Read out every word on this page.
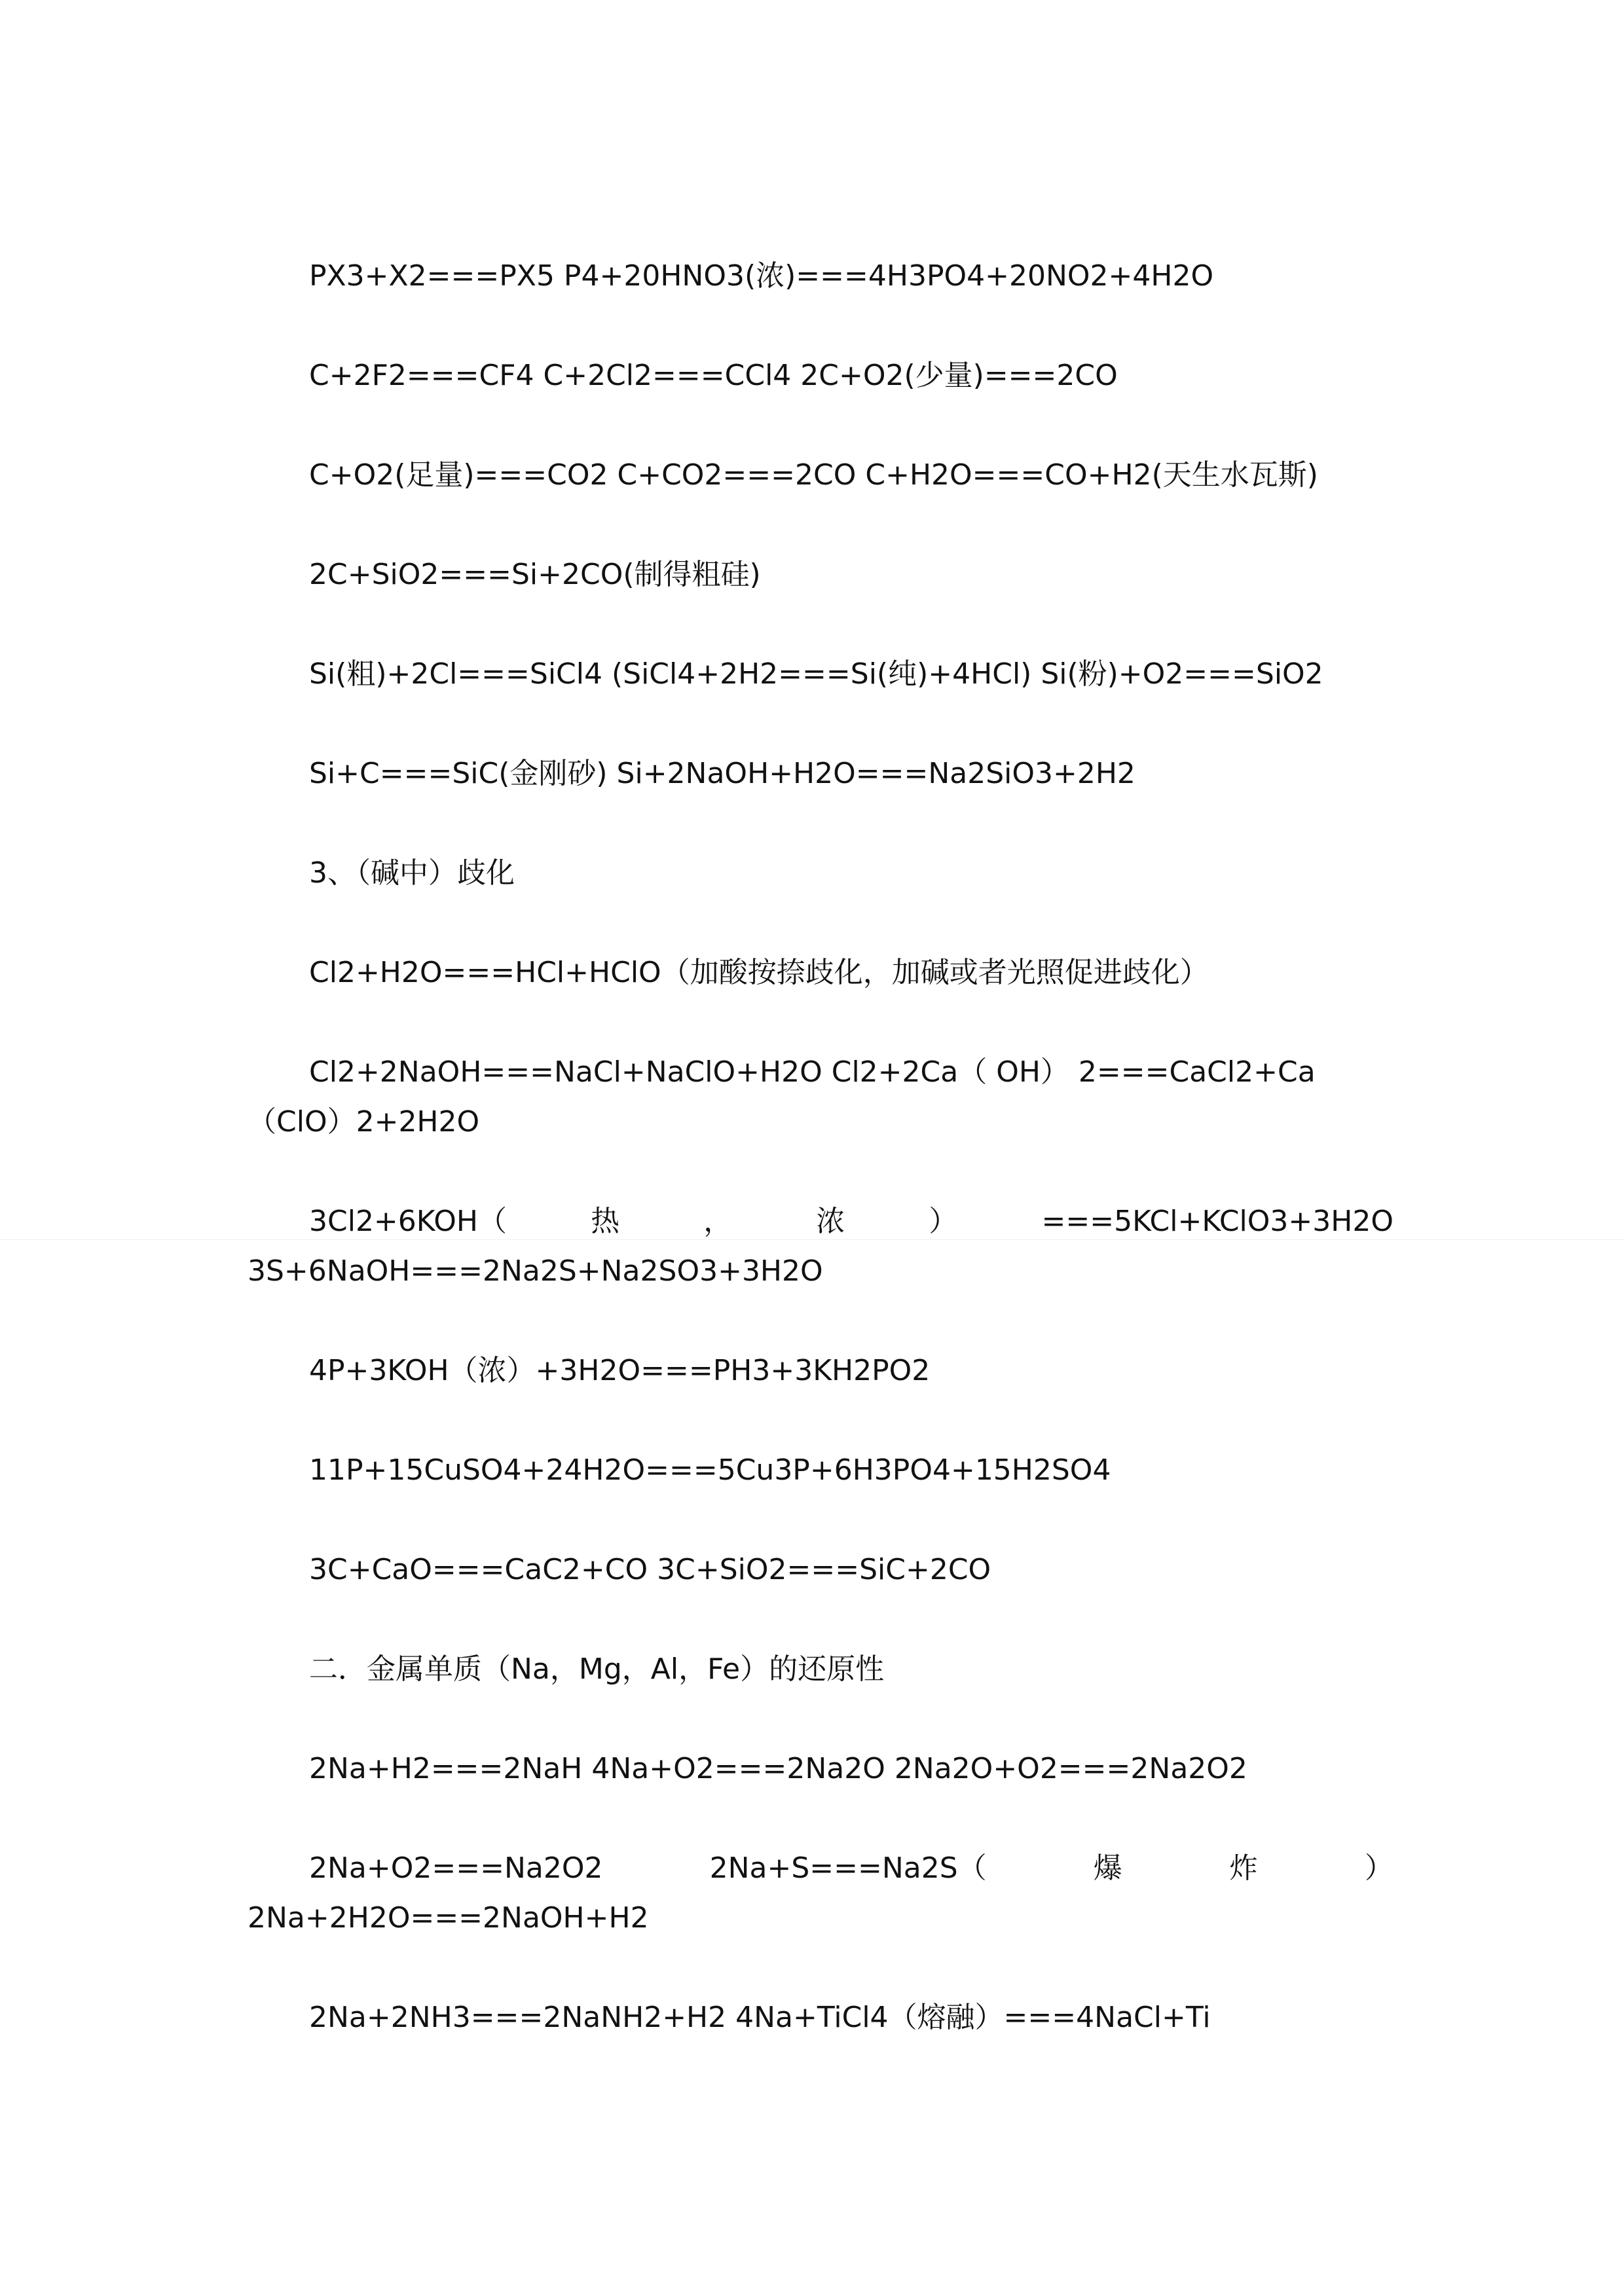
PX3+X2===PX5 P4+20HNO3(浓)===4H3PO4+20NO2+4H2O
C+2F2===CF4 C+2Cl2===CCl4 2C+O2(少量)===2CO
C+O2(足量)===CO2 C+CO2===2CO C+H2O===CO+H2(天生水瓦斯)
2C+SiO2===Si+2CO(制得粗硅)
Si(粗)+2Cl===SiCl4 (SiCl4+2H2===Si(纯)+4HCl) Si(粉)+O2===SiO2
Si+C===SiC(金刚砂) Si+2NaOH+H2O===Na2SiO3+2H2
3、（碱中）歧化
Cl2+H2O===HCl+HClO（加酸按捺歧化，加碱或者光照促进歧化）
Cl2+2NaOH===NaCl+NaClO+H2O Cl2+2Ca（ OH） 2===CaCl2+Ca
（ClO）2+2H2O
3Cl2+6KOH（	热	，	浓	）	===5KCl+KClO3+3H2O
3S+6NaOH===2Na2S+Na2SO3+3H2O
4P+3KOH（浓）+3H2O===PH3+3KH2PO2
11P+15CuSO4+24H2O===5Cu3P+6H3PO4+15H2SO4
3C+CaO===CaC2+CO 3C+SiO2===SiC+2CO
二．金属单质（Na，Mg，Al，Fe）的还原性
2Na+H2===2NaH 4Na+O2===2Na2O 2Na2O+O2===2Na2O2
2Na+O2===Na2O2	2Na+S===Na2S（	爆	炸	）
2Na+2H2O===2NaOH+H2
2Na+2NH3===2NaNH2+H2 4Na+TiCl4（熔融）===4NaCl+Ti
